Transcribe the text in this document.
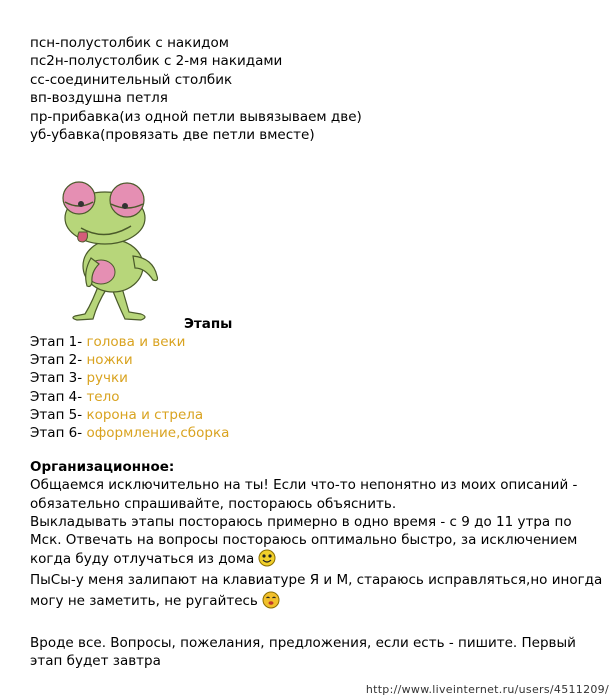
псн-полустолбик с накидом
пс2н-полустолбик с 2-мя накидами
сс-соединительный столбик
вп-воздушна петля
пр-прибавка(из одной петли вывязываем две)
уб-убавка(провязать две петли вместе)
Этапы
Этап 1- голова и веки
Этап 2- ножки
Этап 3- ручки
Этап 4- тело
Этап 5- корона и стрела
Этап 6- оформление,сборка
Организационное:
Общаемся исключительно на ты! Если что-то непонятно из моих описаний -
обязательно спрашивайте, постораюсь объяснить.
Выкладывать этапы постораюсь примерно в одно время - с 9 до 11 утра по
Мск. Отвечать на вопросы постораюсь оптимально быстро, за исключением
когда буду отлучаться из дома
ПыСы-у меня залипают на клавиатуре Я и М, стараюсь исправляться,но иногда
могу не заметить, не ругайтесь
Вроде все. Вопросы, пожелания, предложения, если есть - пишите. Первый
этап будет завтра
http://www.liveinternet.ru/users/4511209/
